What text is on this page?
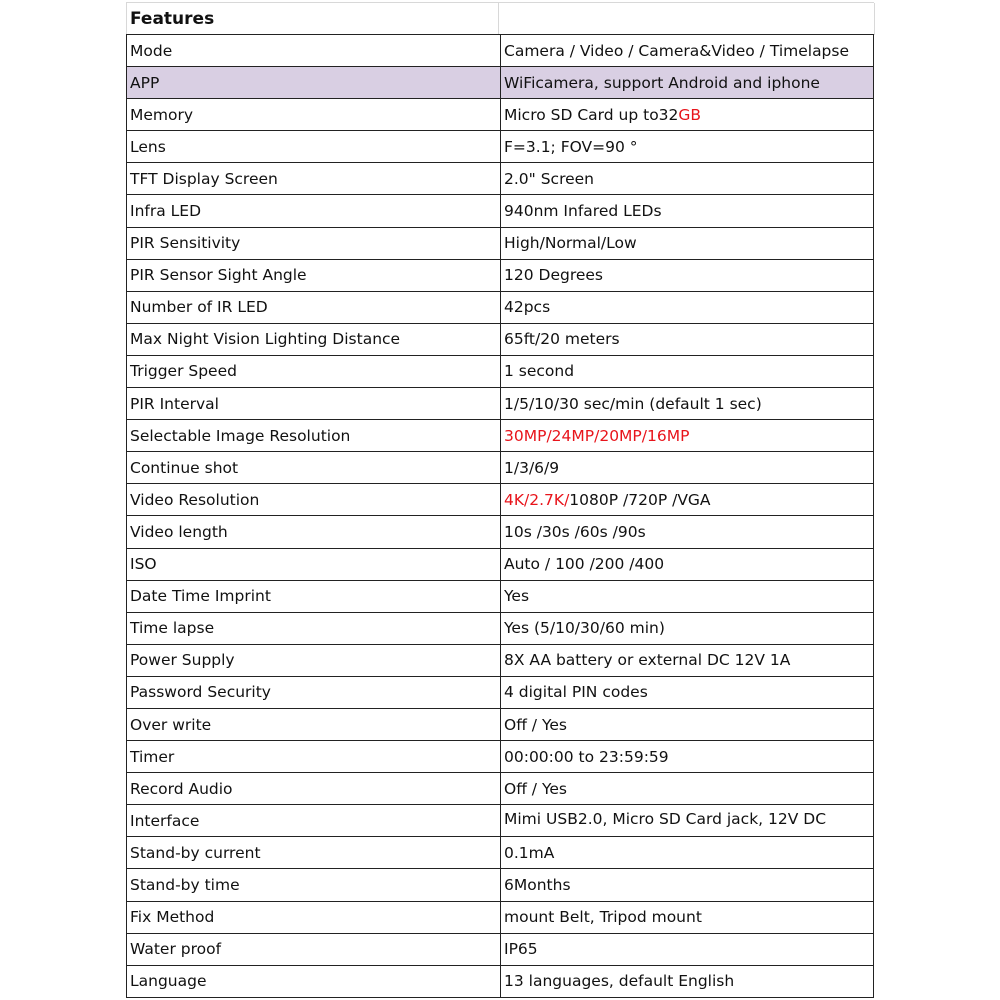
Features
Mode	Camera / Video / Camera&Video / Timelapse
APP	WiFicamera, support Android and iphone
Memory	Micro SD Card up to32GB
Lens	F=3.1; FOV=90 °
TFT Display Screen	2.0" Screen
Infra LED	940nm Infared LEDs
PIR Sensitivity	High/Normal/Low
PIR Sensor Sight Angle	120 Degrees
Number of IR LED	42pcs
Max Night Vision Lighting Distance	65ft/20 meters
Trigger Speed	1 second
PIR Interval	1/5/10/30 sec/min (default 1 sec)
Selectable Image Resolution	30MP/24MP/20MP/16MP
Continue shot	1/3/6/9
Video Resolution	4K/2.7K/1080P /720P /VGA
Video length	10s /30s /60s /90s
ISO	Auto / 100 /200 /400
Date Time Imprint	Yes
Time lapse	Yes (5/10/30/60 min)
Power Supply	8X AA battery or external DC 12V 1A
Password Security	4 digital PIN codes
Over write	Off / Yes
Timer	00:00:00 to 23:59:59
Record Audio	Off / Yes
Interface	Mimi USB2.0, Micro SD Card jack, 12V DC
Stand-by current	0.1mA
Stand-by time	6Months
Fix Method	mount Belt, Tripod mount
Water proof	IP65
Language	13 languages, default English
